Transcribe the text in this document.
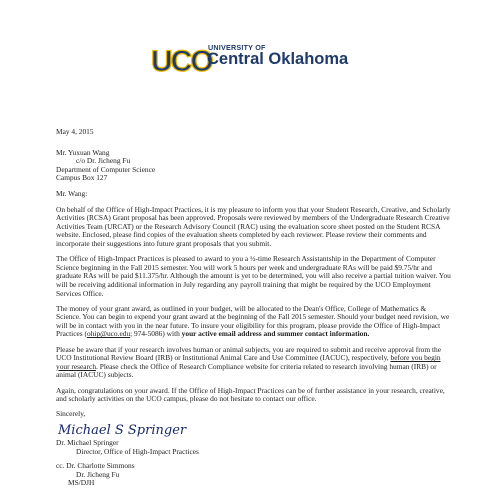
UCO
UNIVERSITY OF
Central Oklahoma

May 4, 2015

Mr. Yuxuan Wang

c/o Dr. Jicheng Fu

Department of Computer Science

Campus Box 127

Mr. Wang:

On behalf of the Office of High-Impact Practices, it is my pleasure to inform you that your Student Research, Creative, and Scholarly Activities (RCSA) Grant proposal has been approved. Proposals were reviewed by members of the Undergraduate Research Creative Activities Team (URCAT) or the Research Advisory Council (RAC) using the evaluation score sheet posted on the Student RCSA website. Enclosed, please find copies of the evaluation sheets completed by each reviewer. Please review their comments and incorporate their suggestions into future grant proposals that you submit.

The Office of High-Impact Practices is pleased to award to you a ½-time Research Assistantship in the Department of Computer Science beginning in the Fall 2015 semester. You will work 5 hours per week and undergraduate RAs will be paid $9.75/hr and graduate RAs will be paid $11.375/hr. Although the amount is yet to be determined, you will also receive a partial tuition waiver. You will be receiving additional information in July regarding any payroll training that might be required by the UCO Employment Services Office.

The money of your grant award, as outlined in your budget, will be allocated to the Dean's Office, College of Mathematics & Science. You can begin to expend your grant award at the beginning of the Fall 2015 semester. Should your budget need revision, we will be in contact with you in the near future. To insure your eligibility for this program, please provide the Office of High-Impact Practices (ohip@uco.edu; 974-5086) with your active email address and summer contact information.

Please be aware that if your research involves human or animal subjects, you are required to submit and receive approval from the UCO Institutional Review Board (IRB) or Institutional Animal Care and Use Committee (IACUC), respectively, before you begin your research. Please check the Office of Research Compliance website for criteria related to research involving human (IRB) or animal (IACUC) subjects.

Again, congratulations on your award. If the Office of High-Impact Practices can be of further assistance in your research, creative, and scholarly activities on the UCO campus, please do not hesitate to contact our office.

Sincerely,

Michael S Springer

Dr. Michael Springer

Director, Office of High-Impact Practices

cc. Dr. Charlotte Simmons

Dr. Jicheng Fu

MS/DJH
